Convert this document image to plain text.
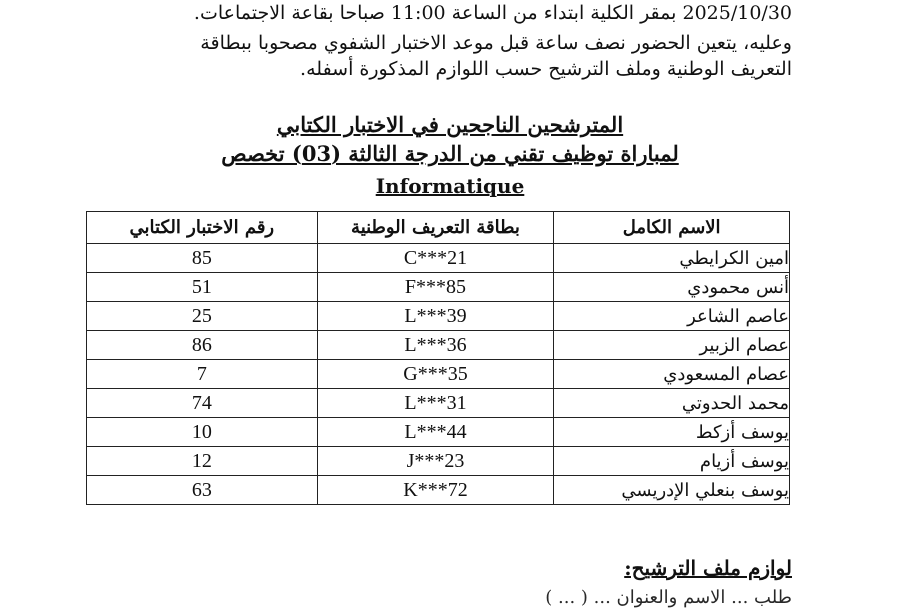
2025/10/30 بمقر الكلية ابتداء من الساعة 11:00 صباحا بقاعة الاجتماعات.
وعليه، يتعين الحضور نصف ساعة قبل موعد الاختبار الشفوي مصحوبا ببطاقة
التعريف الوطنية وملف الترشيح حسب اللوازم المذكورة أسفله.
المترشحين الناجحين في الاختبار الكتابي
لمباراة توظيف تقني من الدرجة الثالثة (03) تخصص
Informatique
الاسم الكامل	بطاقة التعريف الوطنية	رقم الاختبار الكتابي
امين الكرايطي	C***21	85
أنس محمودي	F***85	51
عاصم الشاعر	L***39	25
عصام الزبير	L***36	86
عصام المسعودي	G***35	7
محمد الحدوتي	L***31	74
يوسف أزكط	L***44	10
يوسف أزيام	J***23	12
يوسف بنعلي الإدريسي	K***72	63
لوازم ملف الترشيح:
طلب ... الاسم والعنوان ... ( ... )
